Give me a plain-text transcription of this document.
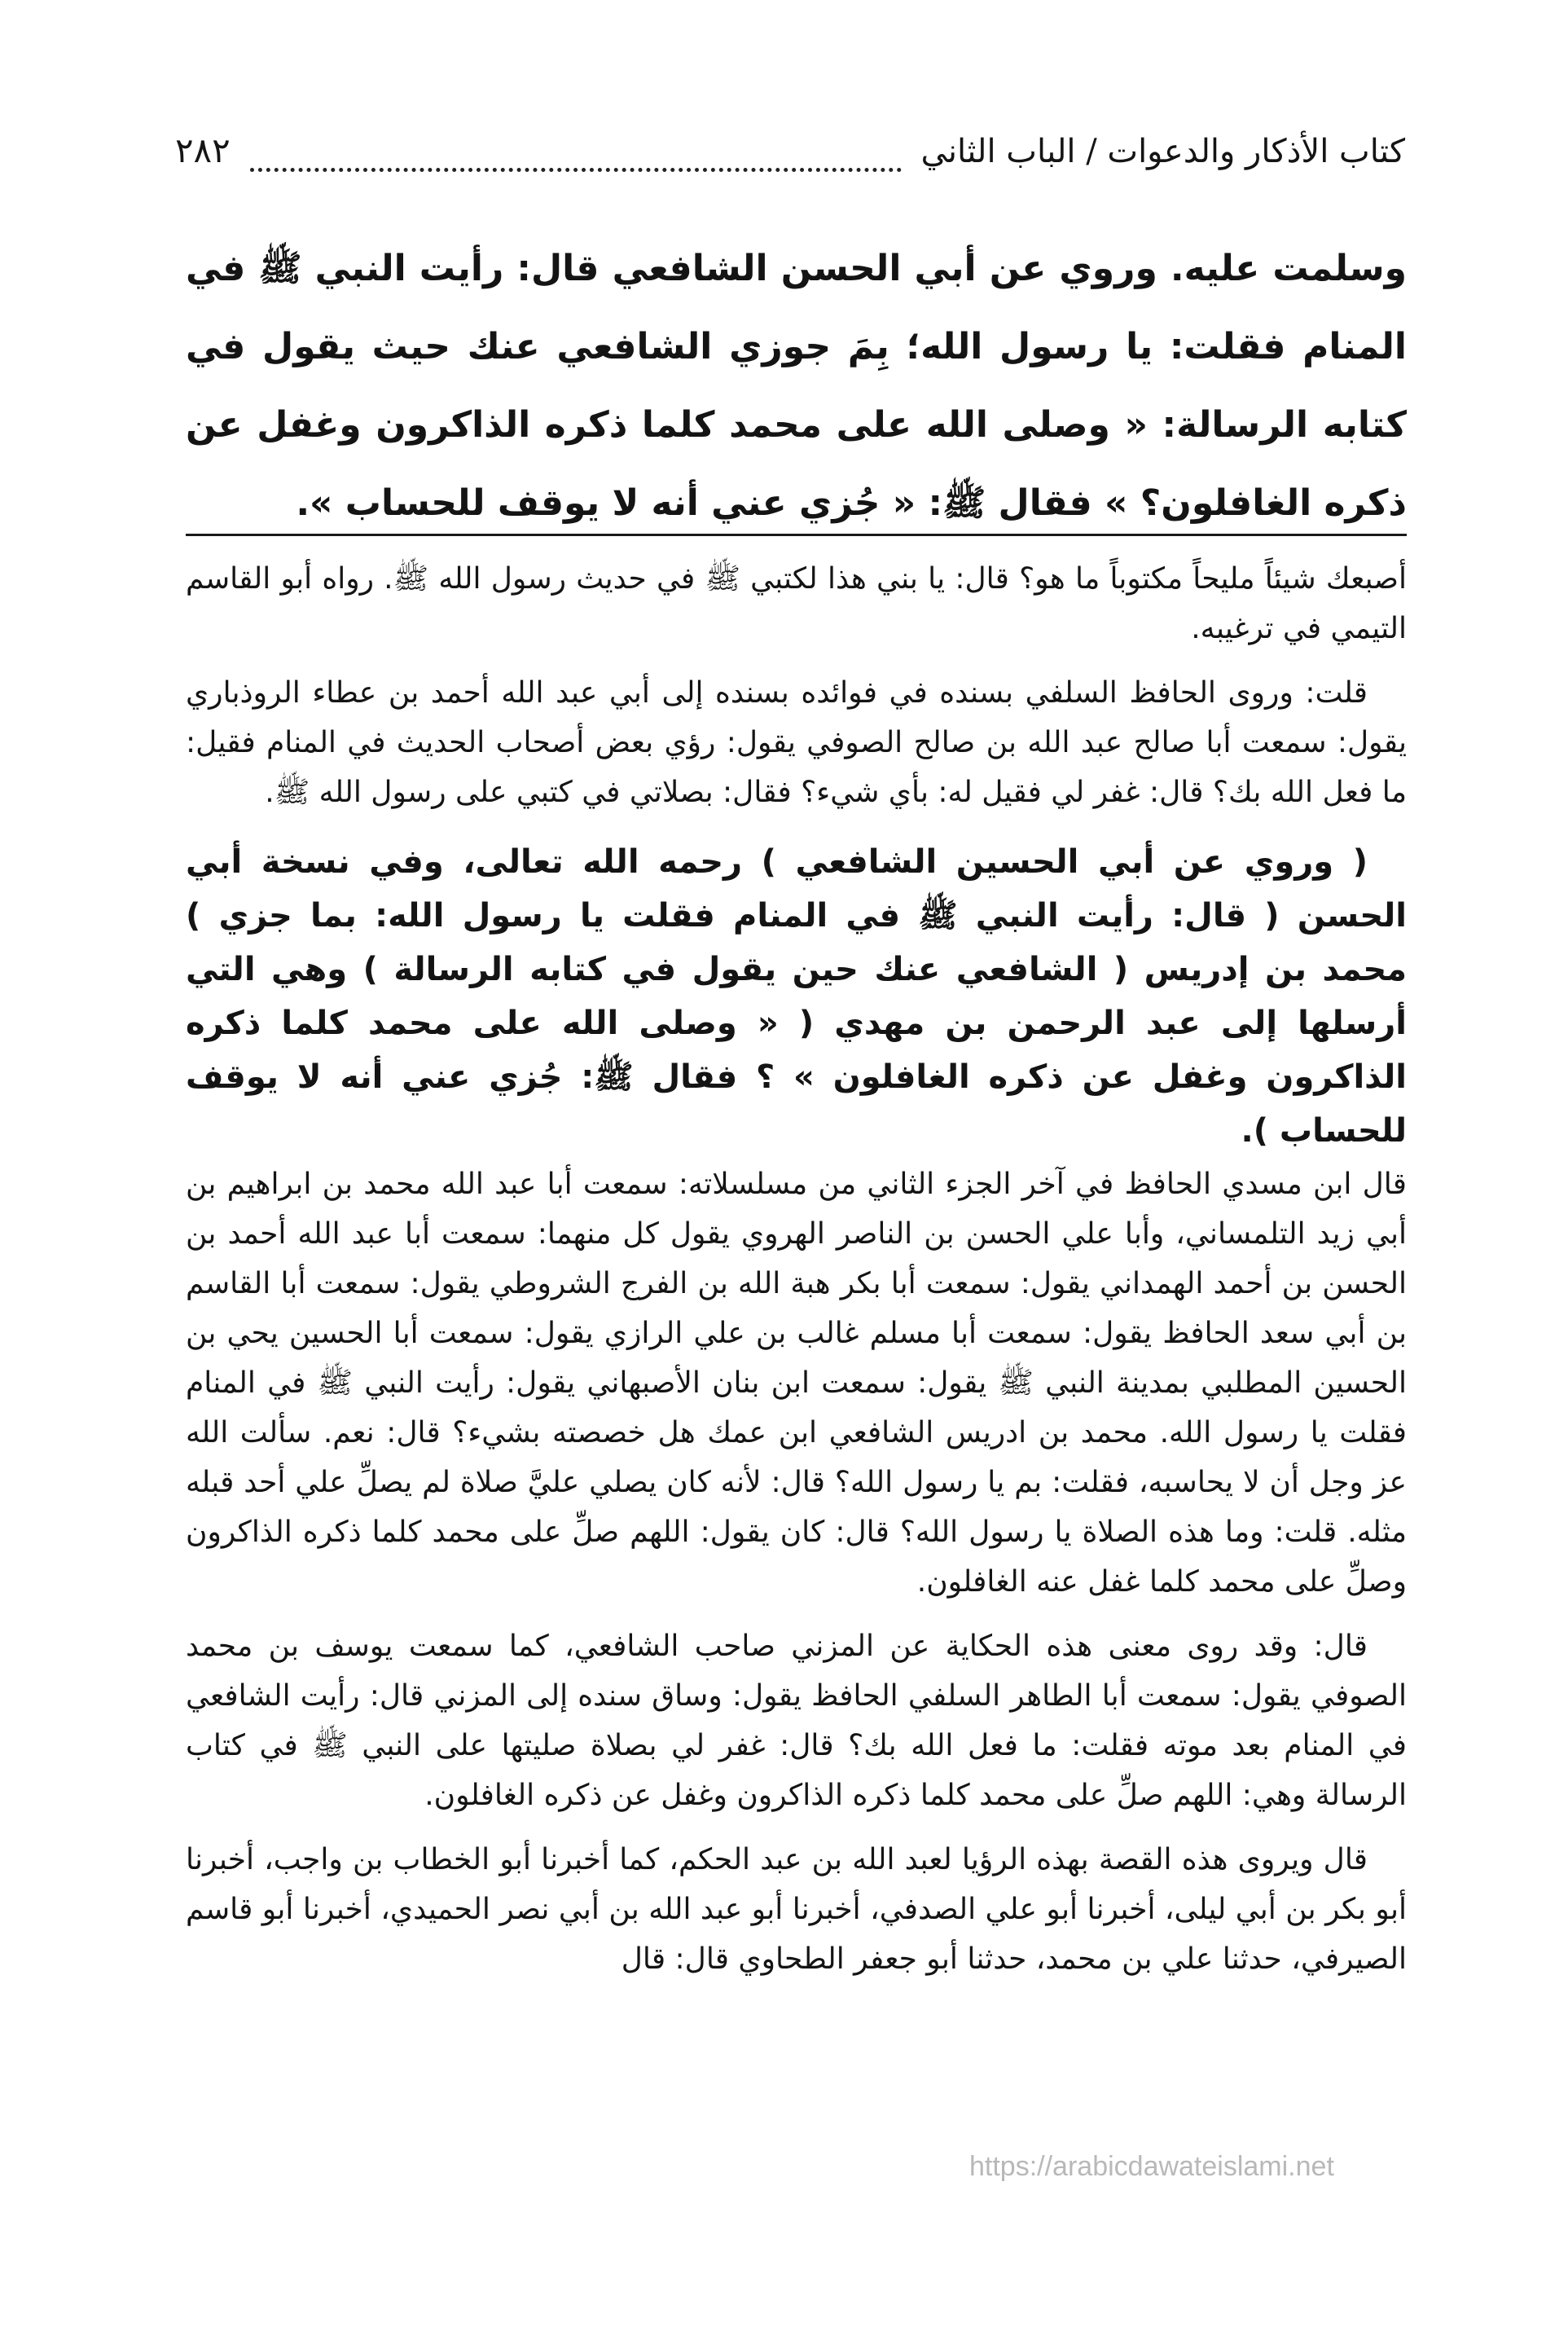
كتاب الأذكار والدعوات / الباب الثاني
٢٨٢
وسلمت عليه. وروي عن أبي الحسن الشافعي قال: رأيت النبي ﷺ في المنام فقلت: يا رسول الله؛ بِمَ جوزي الشافعي عنك حيث يقول في كتابه الرسالة: « وصلى الله على محمد كلما ذكره الذاكرون وغفل عن ذكره الغافلون؟ » فقال ﷺ: « جُزي عني أنه لا يوقف للحساب ».

أصبعك شيئاً مليحاً مكتوباً ما هو؟ قال: يا بني هذا لكتبي ﷺ في حديث رسول الله ﷺ. رواه أبو القاسم التيمي في ترغيبه.

قلت: وروى الحافظ السلفي بسنده في فوائده بسنده إلى أبي عبد الله أحمد بن عطاء الروذباري يقول: سمعت أبا صالح عبد الله بن صالح الصوفي يقول: رؤي بعض أصحاب الحديث في المنام فقيل: ما فعل الله بك؟ قال: غفر لي فقيل له: بأي شيء؟ فقال: بصلاتي في كتبي على رسول الله ﷺ.

( وروي عن أبي الحسين الشافعي ) رحمه الله تعالى، وفي نسخة أبي الحسن ( قال: رأيت النبي ﷺ في المنام فقلت يا رسول الله: بما جزي ) محمد بن إدريس ( الشافعي عنك حين يقول في كتابه الرسالة ) وهي التي أرسلها إلى عبد الرحمن بن مهدي ( « وصلى الله على محمد كلما ذكره الذاكرون وغفل عن ذكره الغافلون » ؟ فقال ﷺ: جُزي عني أنه لا يوقف للحساب ).

قال ابن مسدي الحافظ في آخر الجزء الثاني من مسلسلاته: سمعت أبا عبد الله محمد بن ابراهيم بن أبي زيد التلمساني، وأبا علي الحسن بن الناصر الهروي يقول كل منهما: سمعت أبا عبد الله أحمد بن الحسن بن أحمد الهمداني يقول: سمعت أبا بكر هبة الله بن الفرج الشروطي يقول: سمعت أبا القاسم بن أبي سعد الحافظ يقول: سمعت أبا مسلم غالب بن علي الرازي يقول: سمعت أبا الحسين يحي بن الحسين المطلبي بمدينة النبي ﷺ يقول: سمعت ابن بنان الأصبهاني يقول: رأيت النبي ﷺ في المنام فقلت يا رسول الله. محمد بن ادريس الشافعي ابن عمك هل خصصته بشيء؟ قال: نعم. سألت الله عز وجل أن لا يحاسبه، فقلت: بم يا رسول الله؟ قال: لأنه كان يصلي عليَّ صلاة لم يصلِّ علي أحد قبله مثله. قلت: وما هذه الصلاة يا رسول الله؟ قال: كان يقول: اللهم صلِّ على محمد كلما ذكره الذاكرون وصلِّ على محمد كلما غفل عنه الغافلون.

قال: وقد روى معنى هذه الحكاية عن المزني صاحب الشافعي، كما سمعت يوسف بن محمد الصوفي يقول: سمعت أبا الطاهر السلفي الحافظ يقول: وساق سنده إلى المزني قال: رأيت الشافعي في المنام بعد موته فقلت: ما فعل الله بك؟ قال: غفر لي بصلاة صليتها على النبي ﷺ في كتاب الرسالة وهي: اللهم صلِّ على محمد كلما ذكره الذاكرون وغفل عن ذكره الغافلون.

قال ويروى هذه القصة بهذه الرؤيا لعبد الله بن عبد الحكم، كما أخبرنا أبو الخطاب بن واجب، أخبرنا أبو بكر بن أبي ليلى، أخبرنا أبو علي الصدفي، أخبرنا أبو عبد الله بن أبي نصر الحميدي، أخبرنا أبو قاسم الصيرفي، حدثنا علي بن محمد، حدثنا أبو جعفر الطحاوي قال: قال

https://arabicdawateislami.net
